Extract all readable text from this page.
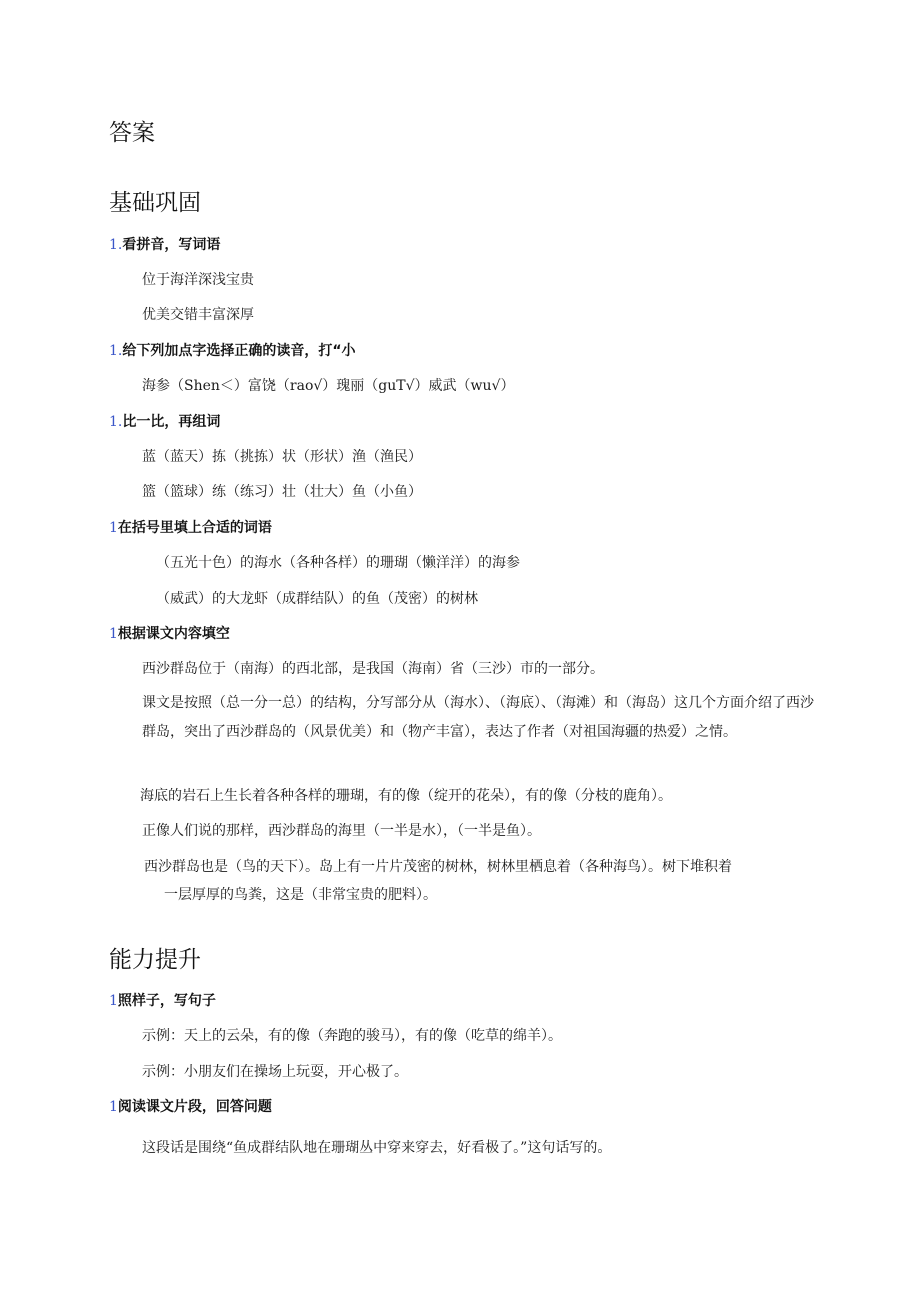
答案
基础巩固
1.看拼音，写词语
位于海洋深浅宝贵
优美交错丰富深厚
1.给下列加点字选择正确的读音，打“小
海参（Shen＜）富饶（rao√）瑰丽（guT√）威武（wu√）
1.比一比，再组词
蓝（蓝天）拣（挑拣）状（形状）渔（渔民）
篮（篮球）练（练习）壮（壮大）鱼（小鱼）
1在括号里填上合适的词语
（五光十色）的海水（各种各样）的珊瑚（懒洋洋）的海参
（威武）的大龙虾（成群结队）的鱼（茂密）的树林
1根据课文内容填空
西沙群岛位于（南海）的西北部，是我国（海南）省（三沙）市的一部分。
课文是按照（总一分一总）的结构，分写部分从（海水）、（海底）、（海滩）和（海岛）这几个方面介绍了西沙群岛，突出了西沙群岛的（风景优美）和（物产丰富），表达了作者（对祖国海疆的热爱）之情。
海底的岩石上生长着各种各样的珊瑚，有的像（绽开的花朵），有的像（分枝的鹿角）。
正像人们说的那样，西沙群岛的海里（一半是水），（一半是鱼）。
西沙群岛也是（鸟的天下）。岛上有一片片茂密的树林，树林里栖息着（各种海鸟）。树下堆积着
一层厚厚的鸟粪，这是（非常宝贵的肥料）。
能力提升
1照样子，写句子
示例：天上的云朵，有的像（奔跑的骏马），有的像（吃草的绵羊）。
示例：小朋友们在操场上玩耍，开心极了。
1阅读课文片段，回答问题
这段话是围绕“鱼成群结队地在珊瑚丛中穿来穿去，好看极了。”这句话写的。
